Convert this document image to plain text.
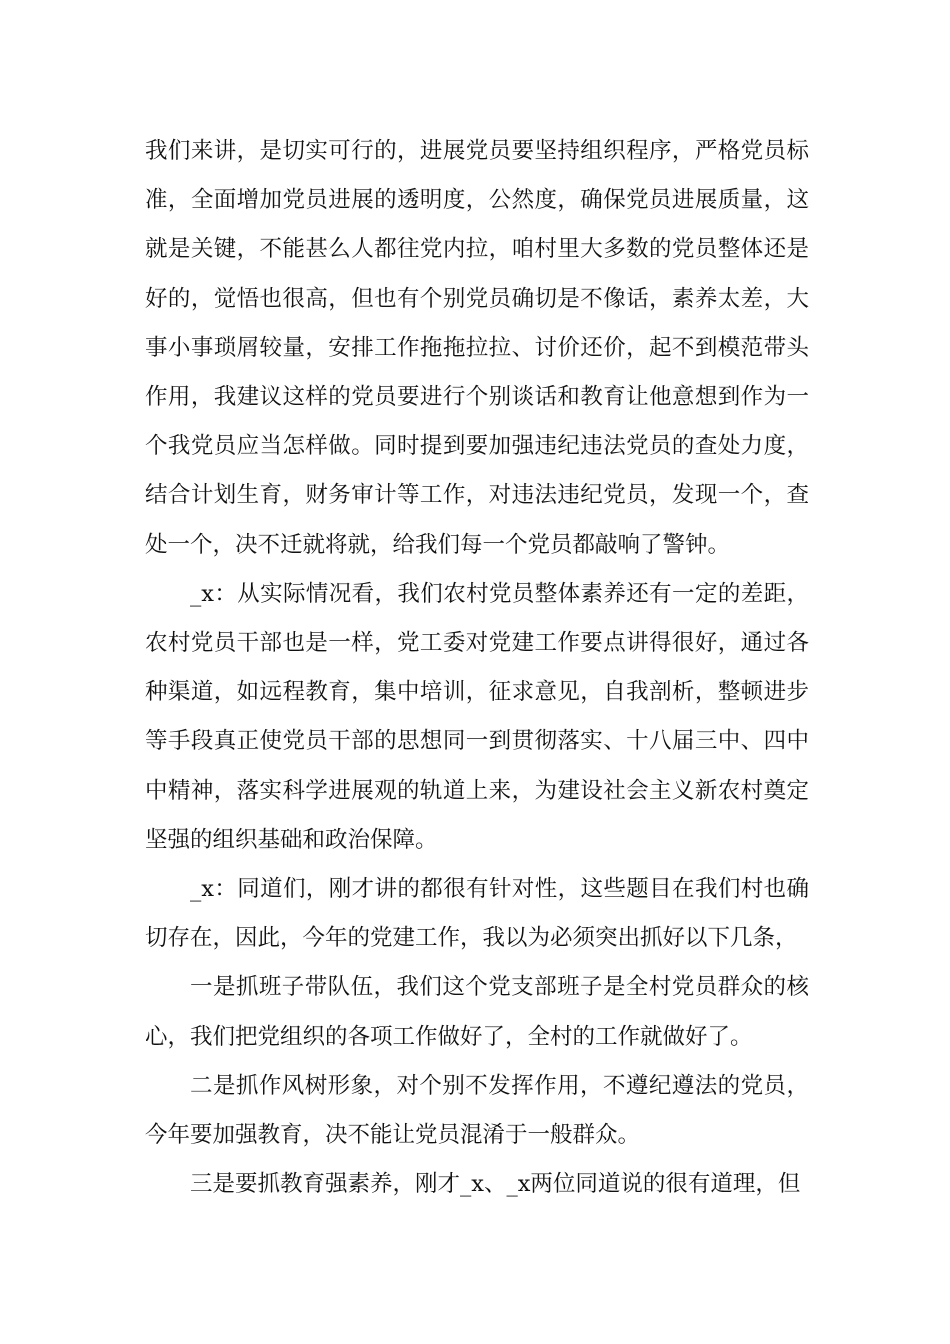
我们来讲，是切实可行的，进展党员要坚持组织程序，严格党员标准，全面增加党员进展的透明度，公然度，确保党员进展质量，这就是关键，不能甚么人都往党内拉，咱村里大多数的党员整体还是好的，觉悟也很高，但也有个别党员确切是不像话，素养太差，大事小事琐屑较量，安排工作拖拖拉拉、讨价还价，起不到模范带头作用，我建议这样的党员要进行个别谈话和教育让他意想到作为一个我党员应当怎样做。同时提到要加强违纪违法党员的查处力度，结合计划生育，财务审计等工作，对违法违纪党员，发现一个，查处一个，决不迁就将就，给我们每一个党员都敲响了警钟。

_x：从实际情况看，我们农村党员整体素养还有一定的差距，农村党员干部也是一样，党工委对党建工作要点讲得很好，通过各种渠道，如远程教育，集中培训，征求意见，自我剖析，整顿进步等手段真正使党员干部的思想同一到贯彻落实、十八届三中、四中中精神，落实科学进展观的轨道上来，为建设社会主义新农村奠定坚强的组织基础和政治保障。

_x：同道们，刚才讲的都很有针对性，这些题目在我们村也确切存在，因此，今年的党建工作，我以为必须突出抓好以下几条，

一是抓班子带队伍，我们这个党支部班子是全村党员群众的核心，我们把党组织的各项工作做好了，全村的工作就做好了。

二是抓作风树形象，对个别不发挥作用，不遵纪遵法的党员，今年要加强教育，决不能让党员混淆于一般群众。

三是要抓教育强素养，刚才_x、_x两位同道说的很有道理，但
